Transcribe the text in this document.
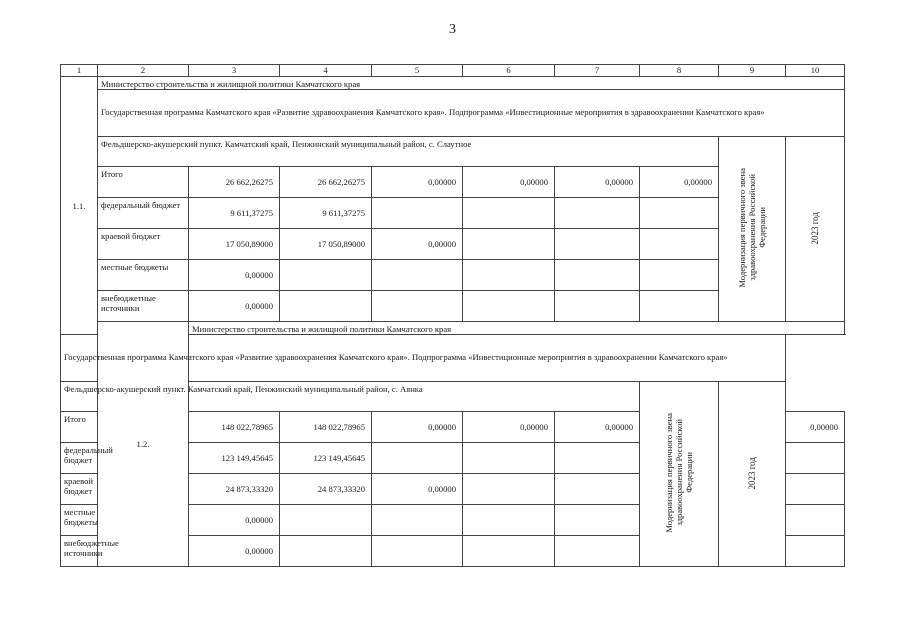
3
1	2	3	4	5	6	7	8	9	10
1.1.	Министерство строительства и жилищной политики Камчатского края								
	Государственная программа Камчатского края «Развитие здравоохранения Камчатского края». Подпрограмма «Инвестиционные мероприятия в здравоохранении Камчатского края»								
	Фельдшерско-акушерский пункт. Камчатский край, Пенжинский муниципальный район, с. Слаутное							Модернизация первичного звена
здравоохранения Российской
Федерации	2023 год
	Итого	26 662,26275	26 662,26275	0,00000	0,00000	0,00000	0,00000		
	федеральный бюджет	9 611,37275	9 611,37275						
	краевой бюджет	17 050,89000	17 050,89000	0,00000					
	местные бюджеты	0,00000							
	внебюджетные источники	0,00000							
	1.2.	Министерство строительства и жилищной политики Камчатского края							
Государственная программа Камчатского края «Развитие здравоохранения Камчатского края». Подпрограмма «Инвестиционные мероприятия в здравоохранении Камчатского края»									
Фельдшерско-акушерский пункт. Камчатский край, Пенжинский муниципальный район, с. Аянка							Модернизация первичного звена
здравоохранения Российской
Федерации	2023 год	
Итого		148 022,78965	148 022,78965	0,00000	0,00000	0,00000			0,00000
федеральный бюджет		123 149,45645	123 149,45645						
краевой бюджет		24 873,33320	24 873,33320	0,00000					
местные бюджеты		0,00000							
внебюджетные источники		0,00000							
